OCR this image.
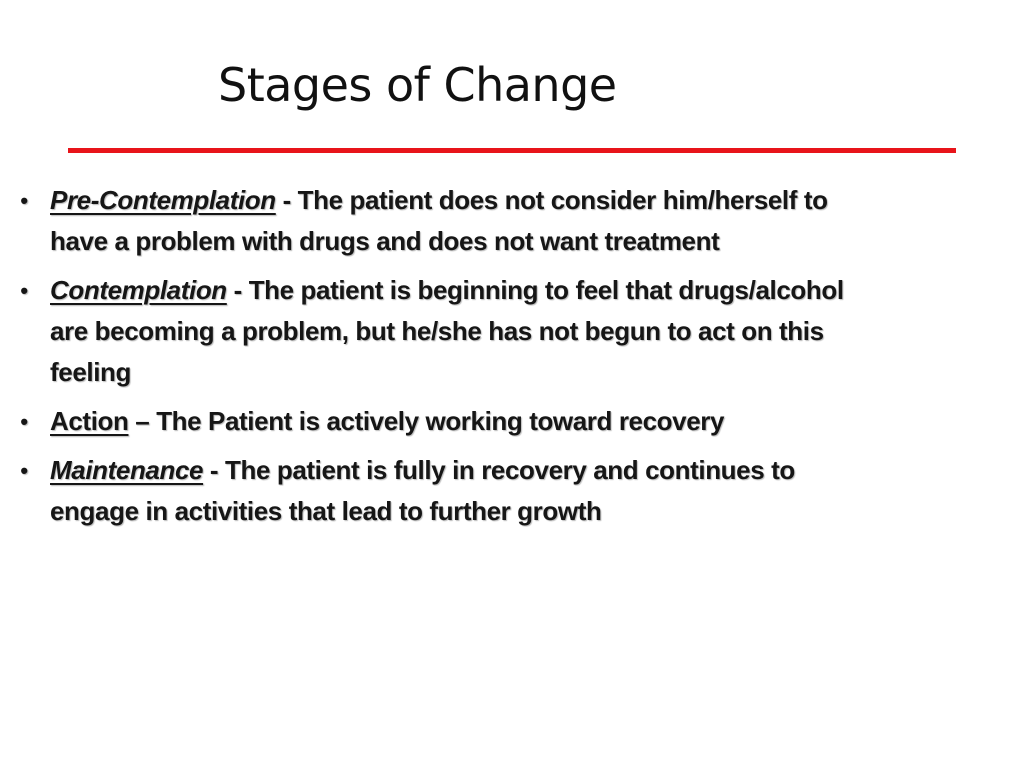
Stages of Change
• Pre-Contemplation - The patient does not consider him/herself to have a problem with drugs and does not want treatment
• Contemplation - The patient is beginning to feel that drugs/alcohol are becoming a problem, but he/she has not begun to act on this feeling
• Action – The Patient is actively working toward recovery
• Maintenance - The patient is fully in recovery and continues to engage in activities that lead to further growth
